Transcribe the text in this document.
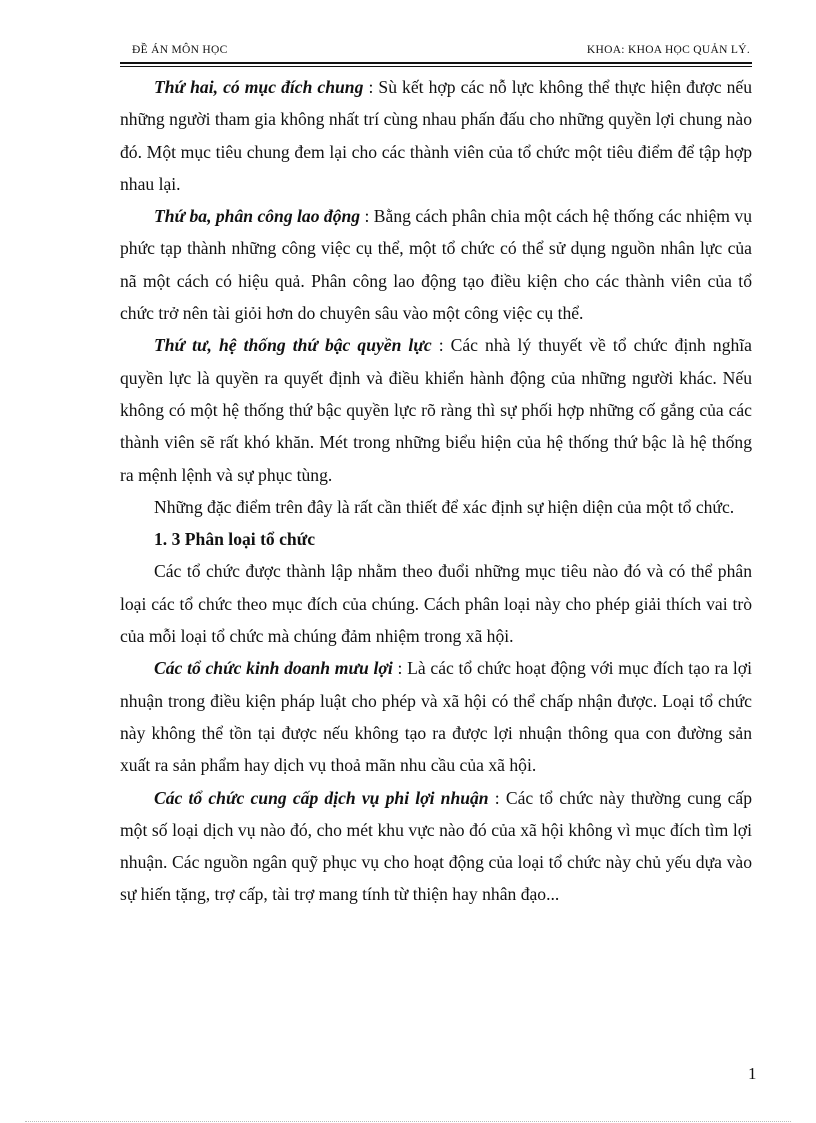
ĐỀ ÁN MÔN HỌC	KHOA: KHOA HỌC QUẢN LÝ.

Thứ hai, có mục đích chung : Sù kết hợp các nỗ lực không thể thực hiện được nếu những người tham gia không nhất trí cùng nhau phấn đấu cho những quyền lợi chung nào đó. Một mục tiêu chung đem lại cho các thành viên của tổ chức một tiêu điểm để tập hợp nhau lại.

Thứ ba, phân công lao động : Bằng cách phân chia một cách hệ thống các nhiệm vụ phức tạp thành những công việc cụ thể, một tổ chức có thể sử dụng nguồn nhân lực của nã một cách có hiệu quả. Phân công lao động tạo điều kiện cho các thành viên của tổ chức trở nên tài giỏi hơn do chuyên sâu vào một công việc cụ thể.

Thứ tư, hệ thống thứ bậc quyền lực : Các nhà lý thuyết về tổ chức định nghĩa quyền lực là quyền ra quyết định và điều khiển hành động của những người khác. Nếu không có một hệ thống thứ bậc quyền lực rõ ràng thì sự phối hợp những cố gắng của các thành viên sẽ rất khó khăn. Mét trong những biểu hiện của hệ thống thứ bậc là hệ thống ra mệnh lệnh và sự phục tùng.

Những đặc điểm trên đây là rất cần thiết để xác định sự hiện diện của một tổ chức.

1. 3 Phân loại tổ chức

Các tổ chức được thành lập nhằm theo đuổi những mục tiêu nào đó và có thể phân loại các tổ chức theo mục đích của chúng. Cách phân loại này cho phép giải thích vai trò của mỗi loại tổ chức mà chúng đảm nhiệm trong xã hội.

Các tổ chức kinh doanh mưu lợi : Là các tổ chức hoạt động với mục đích tạo ra lợi nhuận trong điều kiện pháp luật cho phép và xã hội có thể chấp nhận được. Loại tổ chức này không thể tồn tại được nếu không tạo ra được lợi nhuận thông qua con đường sản xuất ra sản phẩm hay dịch vụ thoả mãn nhu cầu của xã hội.

Các tổ chức cung cấp dịch vụ phi lợi nhuận : Các tổ chức này thường cung cấp một số loại dịch vụ nào đó, cho mét khu vực nào đó của xã hội không vì mục đích tìm lợi nhuận. Các nguồn ngân quỹ phục vụ cho hoạt động của loại tổ chức này chủ yếu dựa vào sự hiến tặng, trợ cấp, tài trợ mang tính từ thiện hay nhân đạo...

1
